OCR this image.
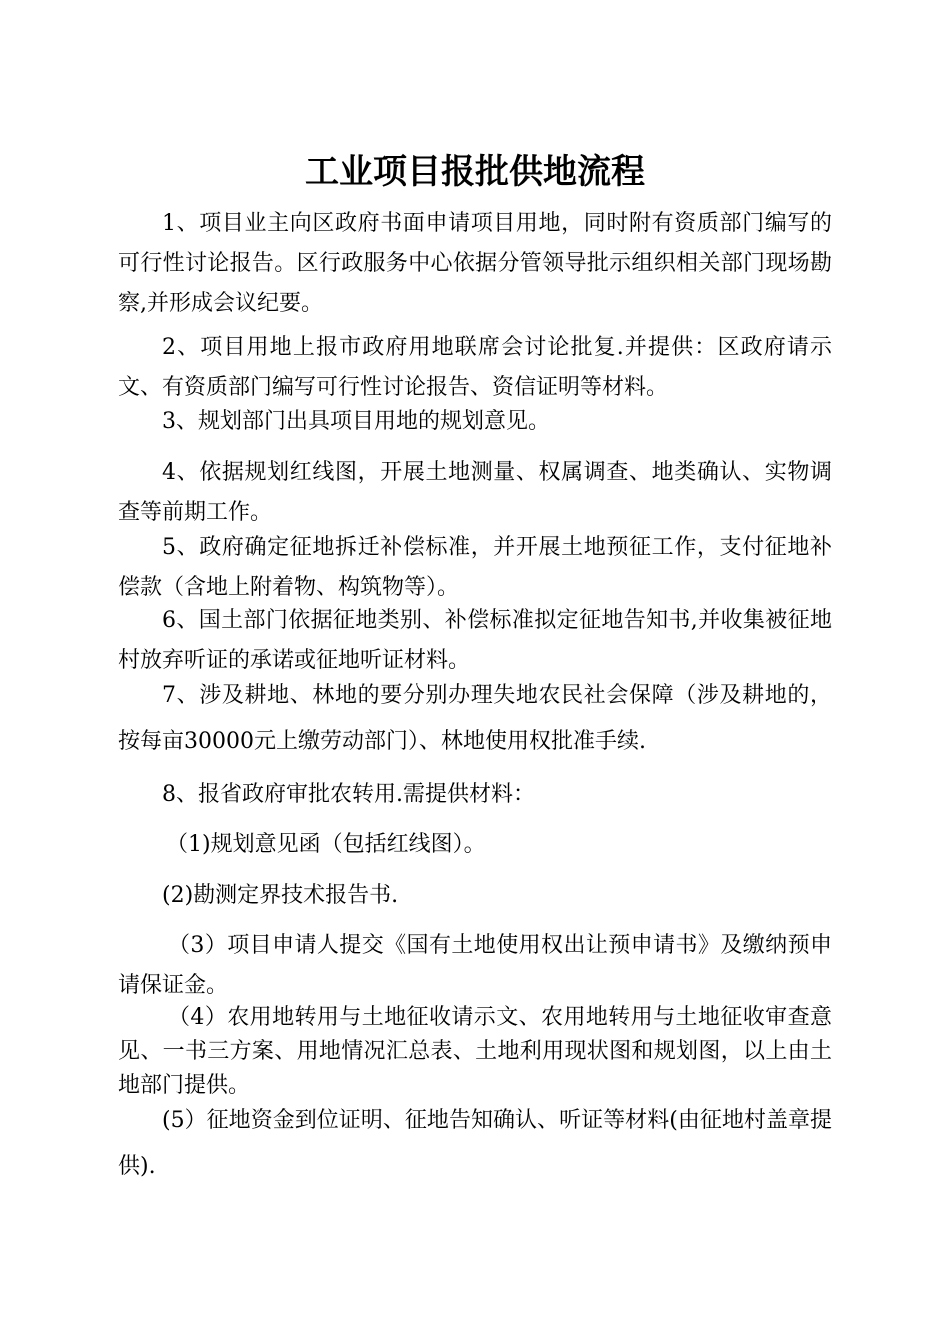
工业项目报批供地流程

1、项目业主向区政府书面申请项目用地，同时附有资质部门编写的可行性讨论报告。区行政服务中心依据分管领导批示组织相关部门现场勘察,并形成会议纪要。

2、项目用地上报市政府用地联席会讨论批复.并提供：区政府请示文、有资质部门编写可行性讨论报告、资信证明等材料。

3、规划部门出具项目用地的规划意见。

4、依据规划红线图，开展土地测量、权属调查、地类确认、实物调查等前期工作。

5、政府确定征地拆迁补偿标准，并开展土地预征工作，支付征地补偿款（含地上附着物、构筑物等）。

6、国土部门依据征地类别、补偿标准拟定征地告知书,并收集被征地村放弃听证的承诺或征地听证材料。

7、涉及耕地、林地的要分别办理失地农民社会保障（涉及耕地的，按每亩30000元上缴劳动部门）、林地使用权批准手续.

8、报省政府审批农转用.需提供材料：

（1)规划意见函（包括红线图）。

(2)勘测定界技术报告书.

（3）项目申请人提交《国有土地使用权出让预申请书》及缴纳预申请保证金。

（4）农用地转用与土地征收请示文、农用地转用与土地征收审查意见、一书三方案、用地情况汇总表、土地利用现状图和规划图，以上由土地部门提供。

(5）征地资金到位证明、征地告知确认、听证等材料(由征地村盖章提供).
